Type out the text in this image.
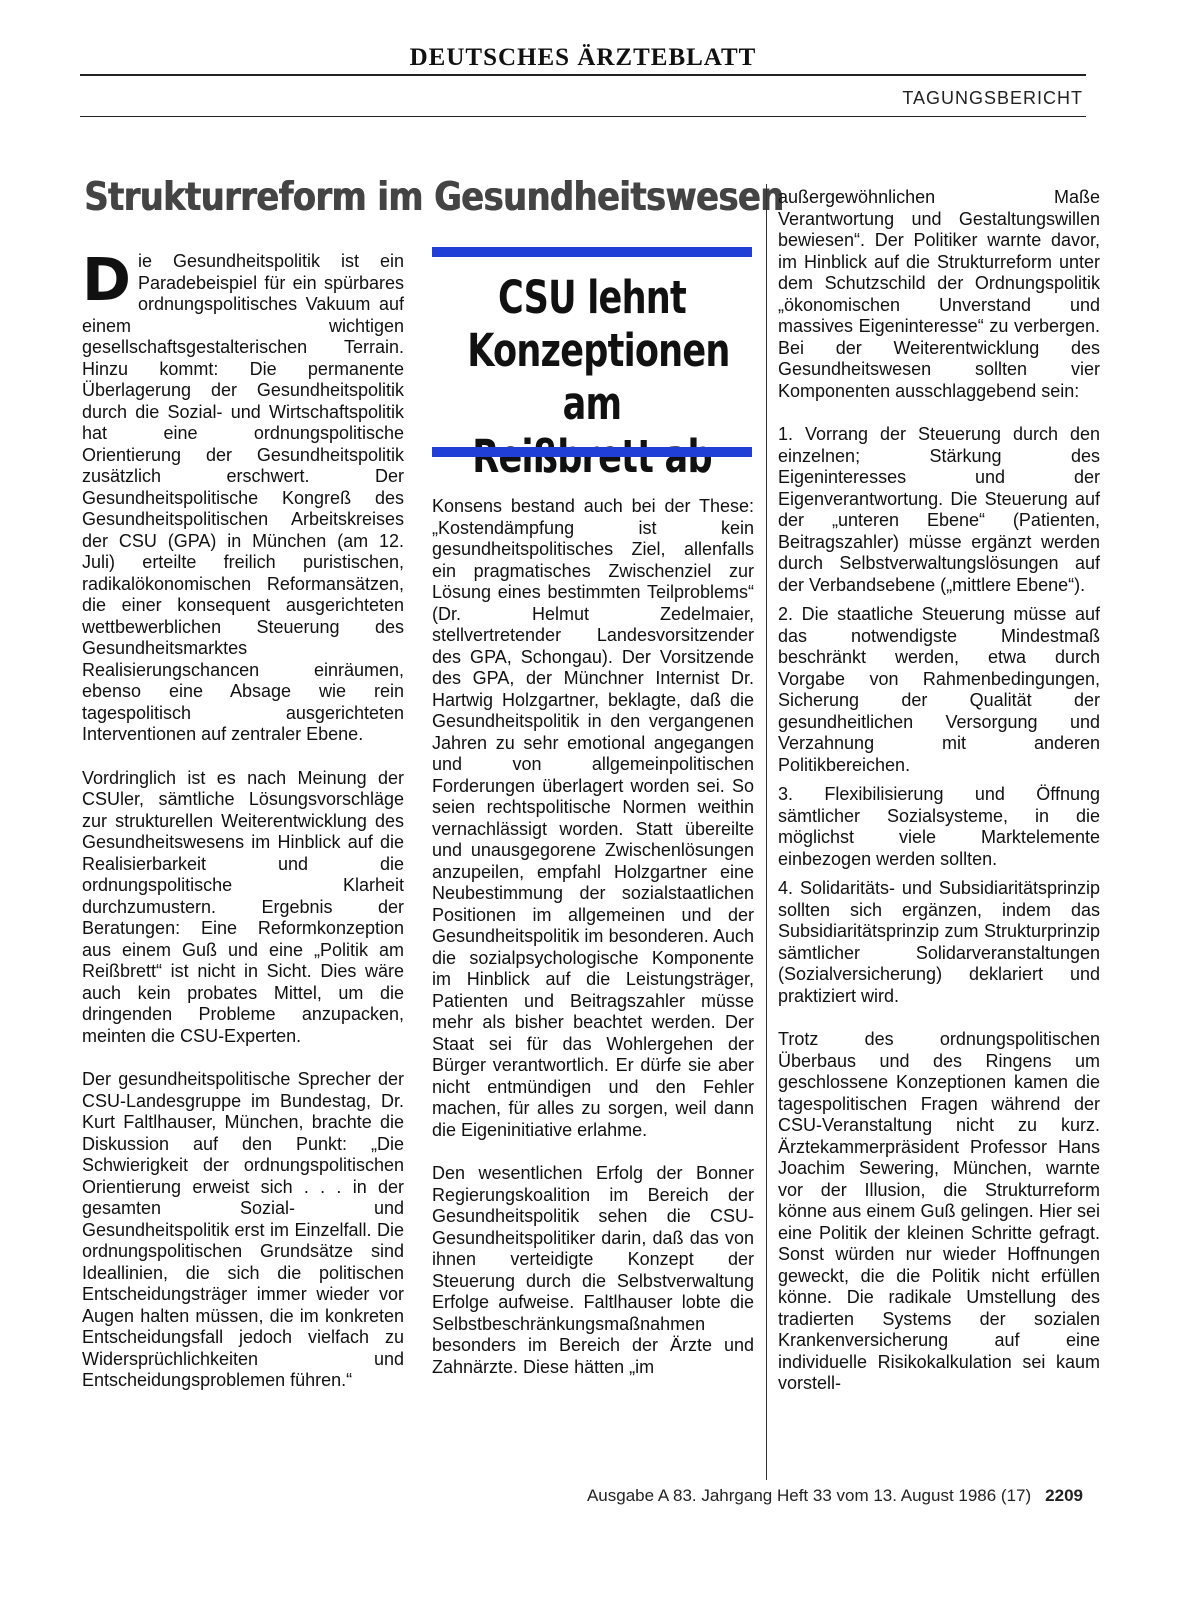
DEUTSCHES ÄRZTEBLATT
TAGUNGSBERICHT
Strukturreform im Gesundheitswesen

Die Gesundheitspolitik ist ein Paradebeispiel für ein spürbares ordnungspolitisches Vakuum auf einem wichtigen gesellschaftsgestalterischen Terrain. Hinzu kommt: Die permanente Überlagerung der Gesundheitspolitik durch die Sozial- und Wirtschaftspolitik hat eine ordnungspolitische Orientierung der Gesundheitspolitik zusätzlich erschwert. Der Gesundheitspolitische Kongreß des Gesundheitspolitischen Arbeitskreises der CSU (GPA) in München (am 12. Juli) erteilte freilich puristischen, radikalökonomischen Reformansätzen, die einer konsequent ausgerichteten wettbewerblichen Steuerung des Gesundheitsmarktes Realisierungschancen einräumen, ebenso eine Absage wie rein tagespolitisch ausgerichteten Interventionen auf zentraler Ebene.

Vordringlich ist es nach Meinung der CSUler, sämtliche Lösungsvorschläge zur strukturellen Weiterentwicklung des Gesundheitswesens im Hinblick auf die Realisierbarkeit und die ordnungspolitische Klarheit durchzumustern. Ergebnis der Beratungen: Eine Reformkonzeption aus einem Guß und eine „Politik am Reißbrett“ ist nicht in Sicht. Dies wäre auch kein probates Mittel, um die dringenden Probleme anzupacken, meinten die CSU-Experten.

Der gesundheitspolitische Sprecher der CSU-Landesgruppe im Bundestag, Dr. Kurt Faltlhauser, München, brachte die Diskussion auf den Punkt: „Die Schwierigkeit der ordnungspolitischen Orientierung erweist sich . . . in der gesamten Sozial- und Gesundheitspolitik erst im Einzelfall. Die ordnungspolitischen Grundsätze sind Ideallinien, die sich die politischen Entscheidungsträger immer wieder vor Augen halten müssen, die im konkreten Entscheidungsfall jedoch vielfach zu Widersprüchlichkeiten und Entscheidungsproblemen führen.“

CSU lehnt
Konzeptionen
am

Konsens bestand auch bei der These: „Kostendämpfung ist kein gesundheitspolitisches Ziel, allenfalls ein pragmatisches Zwischenziel zur Lösung eines bestimmten Teilproblems“ (Dr. Helmut Zedelmaier, stellvertretender Landesvorsitzender des GPA, Schongau). Der Vorsitzende des GPA, der Münchner Internist Dr. Hartwig Holzgartner, beklagte, daß die Gesundheitspolitik in den vergangenen Jahren zu sehr emotional angegangen und von allgemeinpolitischen Forderungen überlagert worden sei. So seien rechtspolitische Normen weithin vernachlässigt worden. Statt übereilte und unausgegorene Zwischenlösungen anzupeilen, empfahl Holzgartner eine Neubestimmung der sozialstaatlichen Positionen im allgemeinen und der Gesundheitspolitik im besonderen. Auch die sozialpsychologische Komponente im Hinblick auf die Leistungsträger, Patienten und Beitragszahler müsse mehr als bisher beachtet werden. Der Staat sei für das Wohlergehen der Bürger verantwortlich. Er dürfe sie aber nicht entmündigen und den Fehler machen, für alles zu sorgen, weil dann die Eigeninitiative erlahme.

Den wesentlichen Erfolg der Bonner Regierungskoalition im Bereich der Gesundheitspolitik sehen die CSU-Gesundheitspolitiker darin, daß das von ihnen verteidigte Konzept der Steuerung durch die Selbstverwaltung Erfolge aufweise. Faltlhauser lobte die Selbstbeschränkungsmaßnahmen besonders im Bereich der Ärzte und Zahnärzte. Diese hätten „im

außergewöhnlichen Maße Verantwortung und Gestaltungswillen bewiesen“. Der Politiker warnte davor, im Hinblick auf die Strukturreform unter dem Schutzschild der Ordnungspolitik „ökonomischen Unverstand und massives Eigeninteresse“ zu verbergen. Bei der Weiterentwicklung des Gesundheitswesen sollten vier Komponenten ausschlaggebend sein:

1. Vorrang der Steuerung durch den einzelnen; Stärkung des Eigeninteresses und der Eigenverantwortung. Die Steuerung auf der „unteren Ebene“ (Patienten, Beitragszahler) müsse ergänzt werden durch Selbstverwaltungslösungen auf der Verbandsebene („mittlere Ebene“).

2. Die staatliche Steuerung müsse auf das notwendigste Mindestmaß beschränkt werden, etwa durch Vorgabe von Rahmenbedingungen, Sicherung der Qualität der gesundheitlichen Versorgung und Verzahnung mit anderen Politikbereichen.

3. Flexibilisierung und Öffnung sämtlicher Sozialsysteme, in die möglichst viele Marktelemente einbezogen werden sollten.

4. Solidaritäts- und Subsidiaritätsprinzip sollten sich ergänzen, indem das Subsidiaritätsprinzip zum Strukturprinzip sämtlicher Solidarveranstaltungen (Sozialversicherung) deklariert und praktiziert wird.

Trotz des ordnungspolitischen Überbaus und des Ringens um geschlossene Konzeptionen kamen die tagespolitischen Fragen während der CSU-Veranstaltung nicht zu kurz. Ärztekammerpräsident Professor Hans Joachim Sewering, München, warnte vor der Illusion, die Strukturreform könne aus einem Guß gelingen. Hier sei eine Politik der kleinen Schritte gefragt. Sonst würden nur wieder Hoffnungen geweckt, die die Politik nicht erfüllen könne. Die radikale Umstellung des tradierten Systems der sozialen Krankenversicherung auf eine individuelle Risikokalkulation sei kaum vorstell-

Ausgabe A 83. Jahrgang Heft 33 vom 13. August 1986 (17) 2209
